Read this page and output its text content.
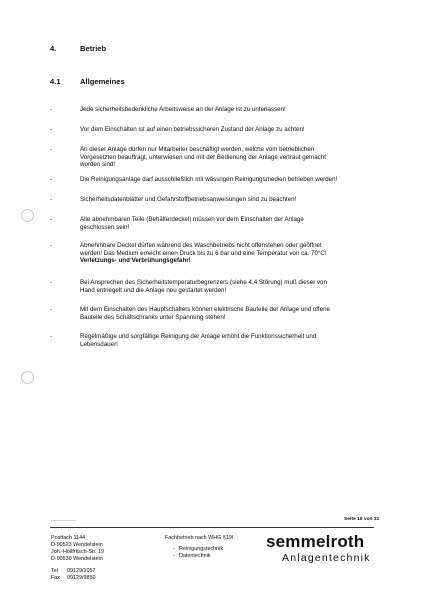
4.	Betrieb
4.1	Allgemeines
-	Jede sicherheitsbedenkliche Arbeitsweise an der Anlage ist zu unterlassen!
-	Vor dem Einschalten ist auf einen betriebssicheren Zustand der Anlage zu achten!
-	An dieser Anlage dürfen nur Mitarbeiter beschäftigt werden, welche vom betrieblichen
Vorgesetzten beauftragt, unterwiesen und mit der Bedienung der Anlage vertraut gemacht
worden sind!
-	Die Reinigungsanlage darf ausschließlich mit wässrigen Reinigungsmedien betrieben werden!
-	Sicherheitsdatenblätter und Gefahrstoffbetriebsanweisungen sind zu beachten!
-	Alle abnehmbaren Teile (Behälterdeckel) müssen vor dem Einschalten der Anlage
geschlossen sein!
-	Abnehmbare Deckel dürfen während des Waschbetriebs nicht offenstehen oder geöffnet
werden! Das Medium erreicht einen Druck bis zu 6 bar und eine Temperatur von ca. 70°C!
Verletzungs- und Verbrühungsgefahr!
-	Bei Ansprechen des Sicherheitstemperaturbegrenzers (siehe 4.4 Störung) muß dieser von
Hand entriegelt und die Anlage neu gestartet werden!
-	Mit dem Einschalten des Hauptschalters können elektrische Bauteile der Anlage und offene
Bauteile des Schaltschranks unter Spannung stehen!
-	Regelmäßige und sorgfältige Reinigung der Anlage erhöht die Funktionssicherheit und
Lebensdauer!
▪▪▪▪▪▪▪▪▪▪▪▪▪▪▪▪▪▪▪▪▪▪▪▪▪▪▪▪▪	Seite 15 von 31
Postfach 1144
D-90523 Wendelstein
Joh.-Höllfritsch-Str. 19
D-90530 Wendelstein
Tel 09129/1057
Fax 09129/9850
Fachbetrieb nach WHG §19l
- Reinigungstechnik
- Datentechnik
semmelroth
Anlagentechnik
